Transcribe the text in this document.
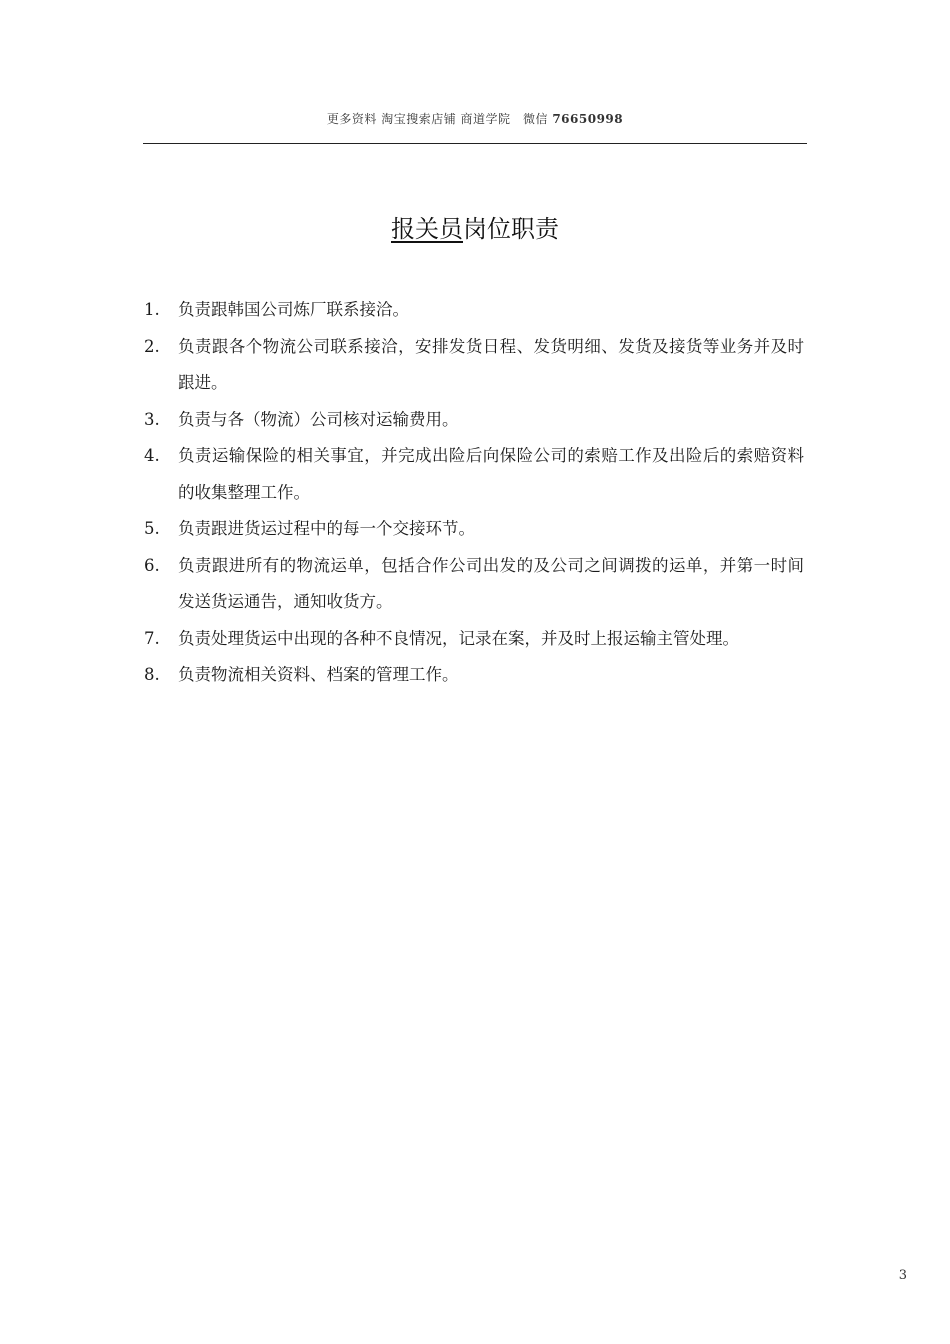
更多资料 淘宝搜索店铺 商道学院　微信 76650998
报关员岗位职责
1.	负责跟韩国公司炼厂联系接洽。
2.	负责跟各个物流公司联系接洽，安排发货日程、发货明细、发货及接货等业务并及时跟进。
3.	负责与各（物流）公司核对运输费用。
4.	负责运输保险的相关事宜，并完成出险后向保险公司的索赔工作及出险后的索赔资料的收集整理工作。
5.	负责跟进货运过程中的每一个交接环节。
6.	负责跟进所有的物流运单，包括合作公司出发的及公司之间调拨的运单，并第一时间发送货运通告，通知收货方。
7.	负责处理货运中出现的各种不良情况，记录在案，并及时上报运输主管处理。
8.	负责物流相关资料、档案的管理工作。
3
